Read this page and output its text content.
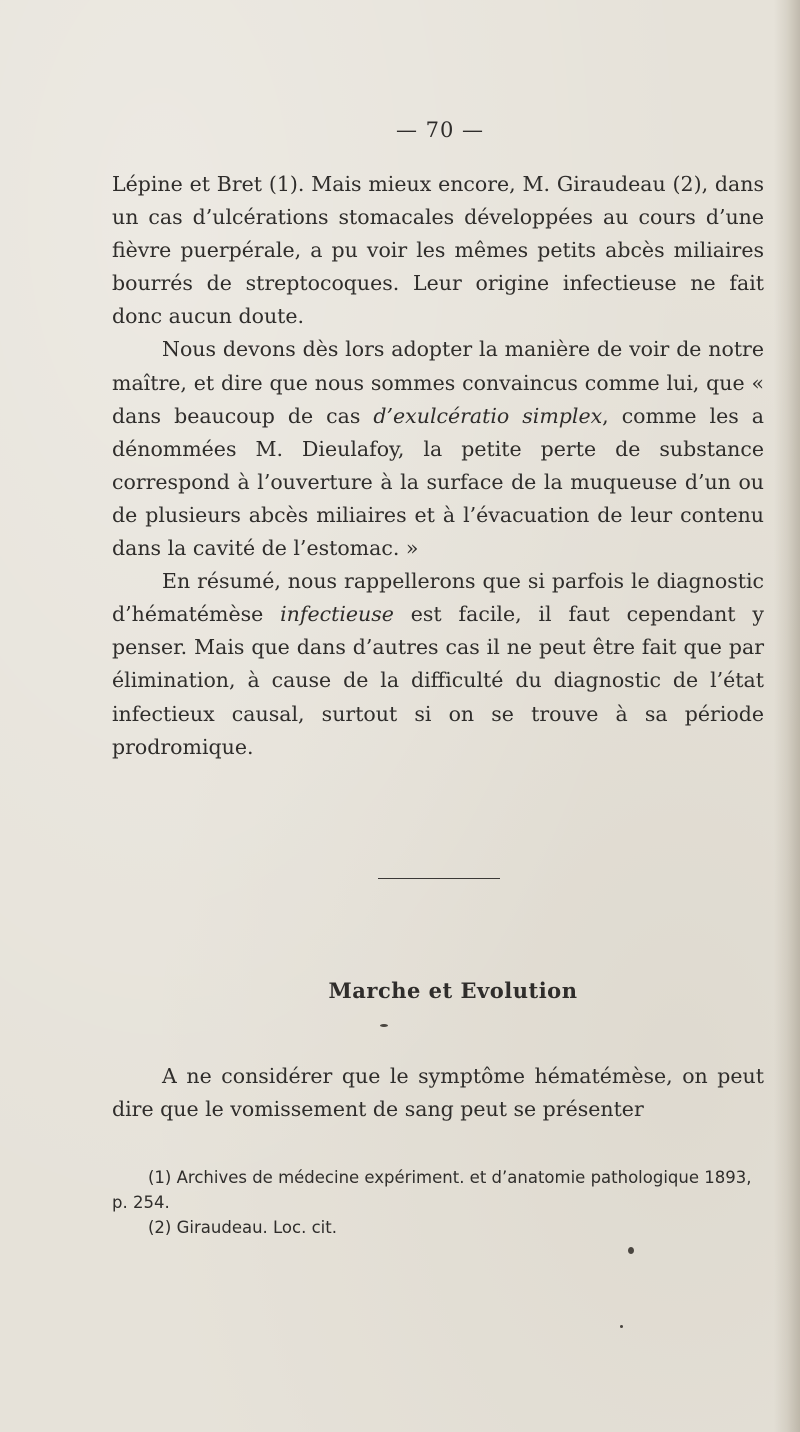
— 70 —

Lépine et Bret (1). Mais mieux encore, M. Giraudeau (2), dans un cas d’ulcérations stomacales développées au cours d’une fièvre puerpérale, a pu voir les mêmes petits abcès miliaires bourrés de streptocoques. Leur origine infectieuse ne fait donc aucun doute.

Nous devons dès lors adopter la manière de voir de notre maître, et dire que nous sommes convaincus comme lui, que « dans beaucoup de cas d’exulcératio simplex, comme les a dénommées M. Dieulafoy, la petite perte de substance correspond à l’ouverture à la surface de la muqueuse d’un ou de plusieurs abcès miliaires et à l’évacuation de leur contenu dans la cavité de l’estomac. »

En résumé, nous rappellerons que si parfois le diagnostic d’hématémèse infectieuse est facile, il faut cependant y penser. Mais que dans d’autres cas il ne peut être fait que par élimination, à cause de la difficulté du diagnostic de l’état infectieux causal, surtout si on se trouve à sa période prodromique.

Marche et Evolution

A ne considérer que le symptôme hématémèse, on peut dire que le vomissement de sang peut se présenter

(1) Archives de médecine expériment. et d’anatomie pathologique 1893, p. 254.

(2) Giraudeau. Loc. cit.
